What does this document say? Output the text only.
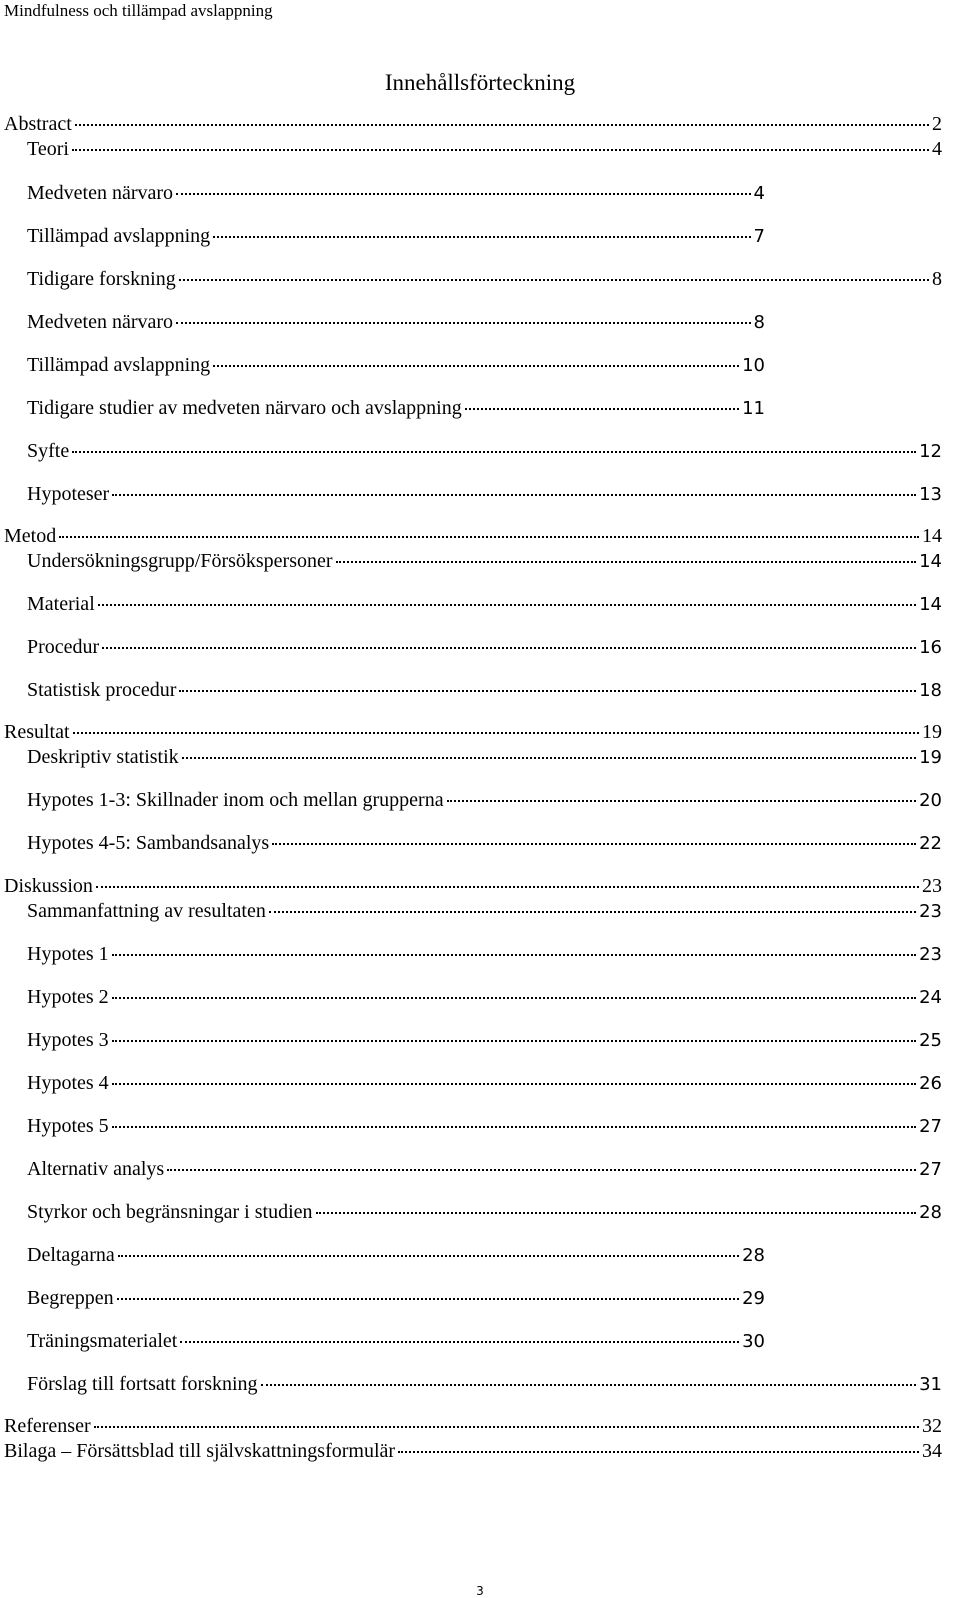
Mindfulness och tillämpad avslappning
Innehållsförteckning
Abstract	2
Teori	4
Medveten närvaro	4
Tillämpad avslappning	7
Tidigare forskning	8
Medveten närvaro	8
Tillämpad avslappning	10
Tidigare studier av medveten närvaro och avslappning	11
Syfte	12
Hypoteser	13
Metod	14
Undersökningsgrupp/Försökspersoner	14
Material	14
Procedur	16
Statistisk procedur	18
Resultat	19
Deskriptiv statistik	19
Hypotes 1-3: Skillnader inom och mellan grupperna	20
Hypotes 4-5: Sambandsanalys	22
Diskussion	23
Sammanfattning av resultaten	23
Hypotes 1	23
Hypotes 2	24
Hypotes 3	25
Hypotes 4	26
Hypotes 5	27
Alternativ analys	27
Styrkor och begränsningar i studien	28
Deltagarna	28
Begreppen	29
Träningsmaterialet	30
Förslag till fortsatt forskning	31
Referenser	32
Bilaga – Försättsblad till självskattningsformulär	34
3
